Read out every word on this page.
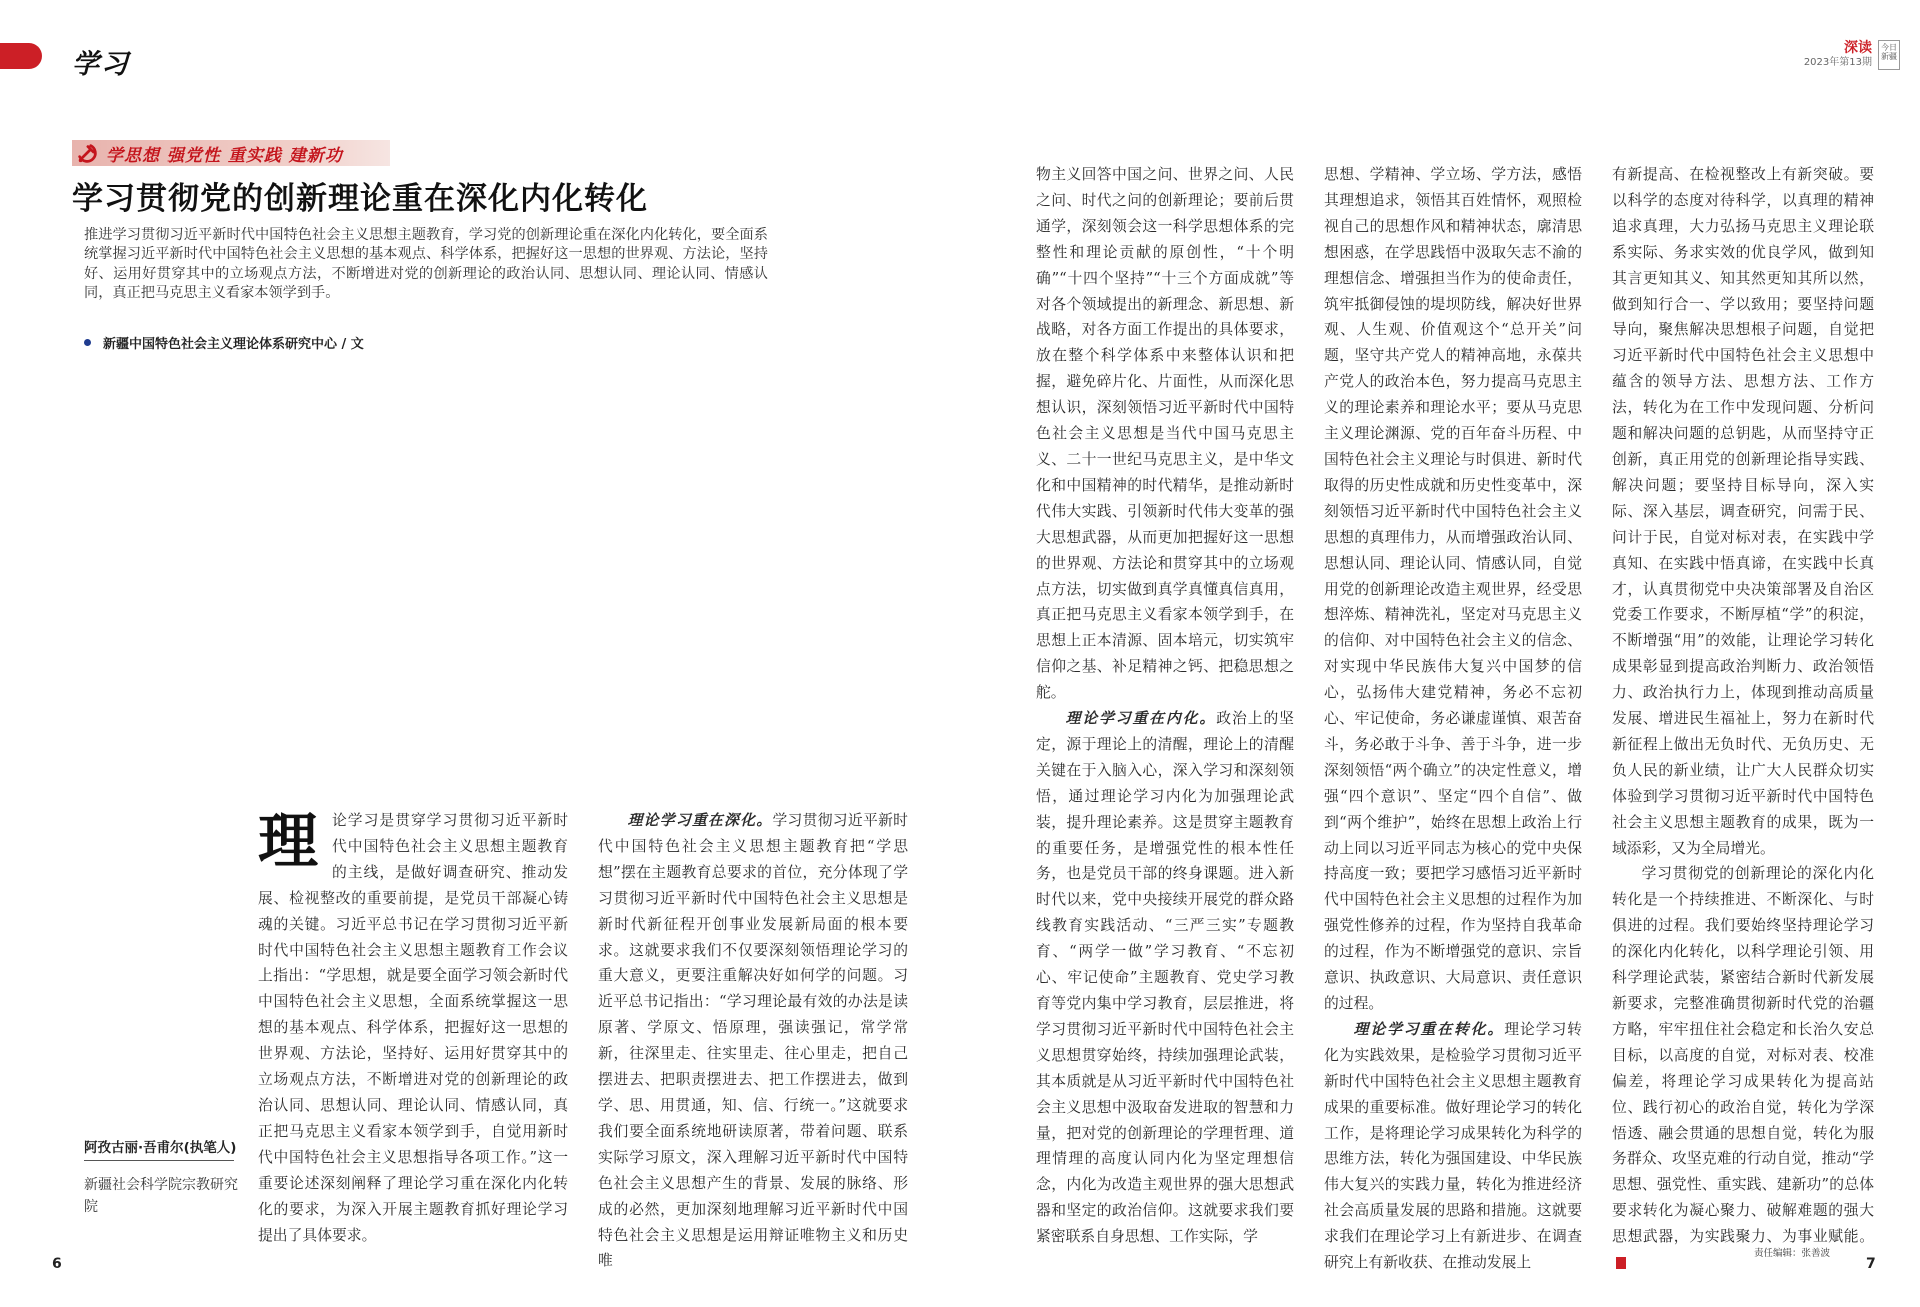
学习
深读
2023年第13期
今日新疆
学思想 强党性 重实践 建新功
学习贯彻党的创新理论重在深化内化转化

推进学习贯彻习近平新时代中国特色社会主义思想主题教育，学习党的创新理论重在深化内化转化，要全面系统掌握习近平新时代中国特色社会主义思想的基本观点、科学体系，把握好这一思想的世界观、方法论，坚持好、运用好贯穿其中的立场观点方法，不断增进对党的创新理论的政治认同、思想认同、理论认同、情感认同，真正把马克思主义看家本领学到手。

新疆中国特色社会主义理论体系研究中心 / 文

理论学习是贯穿学习贯彻习近平新时代中国特色社会主义思想主题教育的主线，是做好调查研究、推动发展、检视整改的重要前提，是党员干部凝心铸魂的关键。习近平总书记在学习贯彻习近平新时代中国特色社会主义思想主题教育工作会议上指出：“学思想，就是要全面学习领会新时代中国特色社会主义思想，全面系统掌握这一思想的基本观点、科学体系，把握好这一思想的世界观、方法论，坚持好、运用好贯穿其中的立场观点方法，不断增进对党的创新理论的政治认同、思想认同、理论认同、情感认同，真正把马克思主义看家本领学到手，自觉用新时代中国特色社会主义思想指导各项工作。”这一重要论述深刻阐释了理论学习重在深化内化转化的要求，为深入开展主题教育抓好理论学习提出了具体要求。

理论学习重在深化。学习贯彻习近平新时代中国特色社会主义思想主题教育把“学思想”摆在主题教育总要求的首位，充分体现了学习贯彻习近平新时代中国特色社会主义思想是新时代新征程开创事业发展新局面的根本要求。这就要求我们不仅要深刻领悟理论学习的重大意义，更要注重解决好如何学的问题。习近平总书记指出：“学习理论最有效的办法是读原著、学原文、悟原理，强读强记，常学常新，往深里走、往实里走、往心里走，把自己摆进去、把职责摆进去、把工作摆进去，做到学、思、用贯通，知、信、行统一。”这就要求我们要全面系统地研读原著，带着问题、联系实际学习原文，深入理解习近平新时代中国特色社会主义思想产生的背景、发展的脉络、形成的必然，更加深刻地理解习近平新时代中国特色社会主义思想是运用辩证唯物主义和历史唯

物主义回答中国之问、世界之问、人民之问、时代之问的创新理论；要前后贯通学，深刻领会这一科学思想体系的完整性和理论贡献的原创性，“十个明确”“十四个坚持”“十三个方面成就”等对各个领域提出的新理念、新思想、新战略，对各方面工作提出的具体要求，放在整个科学体系中来整体认识和把握，避免碎片化、片面性，从而深化思想认识，深刻领悟习近平新时代中国特色社会主义思想是当代中国马克思主义、二十一世纪马克思主义，是中华文化和中国精神的时代精华，是推动新时代伟大实践、引领新时代伟大变革的强大思想武器，从而更加把握好这一思想的世界观、方法论和贯穿其中的立场观点方法，切实做到真学真懂真信真用，真正把马克思主义看家本领学到手，在思想上正本清源、固本培元，切实筑牢信仰之基、补足精神之钙、把稳思想之舵。

理论学习重在内化。政治上的坚定，源于理论上的清醒，理论上的清醒关键在于入脑入心，深入学习和深刻领悟，通过理论学习内化为加强理论武装，提升理论素养。这是贯穿主题教育的重要任务，是增强党性的根本性任务，也是党员干部的终身课题。进入新时代以来，党中央接续开展党的群众路线教育实践活动、“三严三实”专题教育、“两学一做”学习教育、“不忘初心、牢记使命”主题教育、党史学习教育等党内集中学习教育，层层推进，将学习贯彻习近平新时代中国特色社会主义思想贯穿始终，持续加强理论武装，其本质就是从习近平新时代中国特色社会主义思想中汲取奋发进取的智慧和力量，把对党的创新理论的学理哲理、道理情理的高度认同内化为坚定理想信念，内化为改造主观世界的强大思想武器和坚定的政治信仰。这就要求我们要紧密联系自身思想、工作实际，学

思想、学精神、学立场、学方法，感悟其理想追求，领悟其百姓情怀，观照检视自己的思想作风和精神状态，廓清思想困惑，在学思践悟中汲取矢志不渝的理想信念、增强担当作为的使命责任，筑牢抵御侵蚀的堤坝防线，解决好世界观、人生观、价值观这个“总开关”问题，坚守共产党人的精神高地，永葆共产党人的政治本色，努力提高马克思主义的理论素养和理论水平；要从马克思主义理论渊源、党的百年奋斗历程、中国特色社会主义理论与时俱进、新时代取得的历史性成就和历史性变革中，深刻领悟习近平新时代中国特色社会主义思想的真理伟力，从而增强政治认同、思想认同、理论认同、情感认同，自觉用党的创新理论改造主观世界，经受思想淬炼、精神洗礼，坚定对马克思主义的信仰、对中国特色社会主义的信念、对实现中华民族伟大复兴中国梦的信心，弘扬伟大建党精神，务必不忘初心、牢记使命，务必谦虚谨慎、艰苦奋斗，务必敢于斗争、善于斗争，进一步深刻领悟“两个确立”的决定性意义，增强“四个意识”、坚定“四个自信”、做到“两个维护”，始终在思想上政治上行动上同以习近平同志为核心的党中央保持高度一致；要把学习感悟习近平新时代中国特色社会主义思想的过程作为加强党性修养的过程，作为坚持自我革命的过程，作为不断增强党的意识、宗旨意识、执政意识、大局意识、责任意识的过程。

理论学习重在转化。理论学习转化为实践效果，是检验学习贯彻习近平新时代中国特色社会主义思想主题教育成果的重要标准。做好理论学习的转化工作，是将理论学习成果转化为科学的思维方法，转化为强国建设、中华民族伟大复兴的实践力量，转化为推进经济社会高质量发展的思路和措施。这就要求我们在理论学习上有新进步、在调查研究上有新收获、在推动发展上

有新提高、在检视整改上有新突破。要以科学的态度对待科学，以真理的精神追求真理，大力弘扬马克思主义理论联系实际、务求实效的优良学风，做到知其言更知其义、知其然更知其所以然，做到知行合一、学以致用；要坚持问题导向，聚焦解决思想根子问题，自觉把习近平新时代中国特色社会主义思想中蕴含的领导方法、思想方法、工作方法，转化为在工作中发现问题、分析问题和解决问题的总钥匙，从而坚持守正创新，真正用党的创新理论指导实践、解决问题；要坚持目标导向，深入实际、深入基层，调查研究，问需于民、问计于民，自觉对标对表，在实践中学真知、在实践中悟真谛，在实践中长真才，认真贯彻党中央决策部署及自治区党委工作要求，不断厚植“学”的积淀，不断增强“用”的效能，让理论学习转化成果彰显到提高政治判断力、政治领悟力、政治执行力上，体现到推动高质量发展、增进民生福祉上，努力在新时代新征程上做出无负时代、无负历史、无负人民的新业绩，让广大人民群众切实体验到学习贯彻习近平新时代中国特色社会主义思想主题教育的成果，既为一域添彩，又为全局增光。

学习贯彻党的创新理论的深化内化转化是一个持续推进、不断深化、与时俱进的过程。我们要始终坚持理论学习的深化内化转化，以科学理论引领、用科学理论武装，紧密结合新时代新发展新要求，完整准确贯彻新时代党的治疆方略，牢牢扭住社会稳定和长治久安总目标，以高度的自觉，对标对表、校准偏差，将理论学习成果转化为提高站位、践行初心的政治自觉，转化为学深悟透、融会贯通的思想自觉，转化为服务群众、攻坚克难的行动自觉，推动“学思想、强党性、重实践、建新功”的总体要求转化为凝心聚力、破解难题的强大思想武器，为实践聚力、为事业赋能。

阿孜古丽·吾甫尔(执笔人)
新疆社会科学院宗教研究院
6
责任编辑：张善波
7
